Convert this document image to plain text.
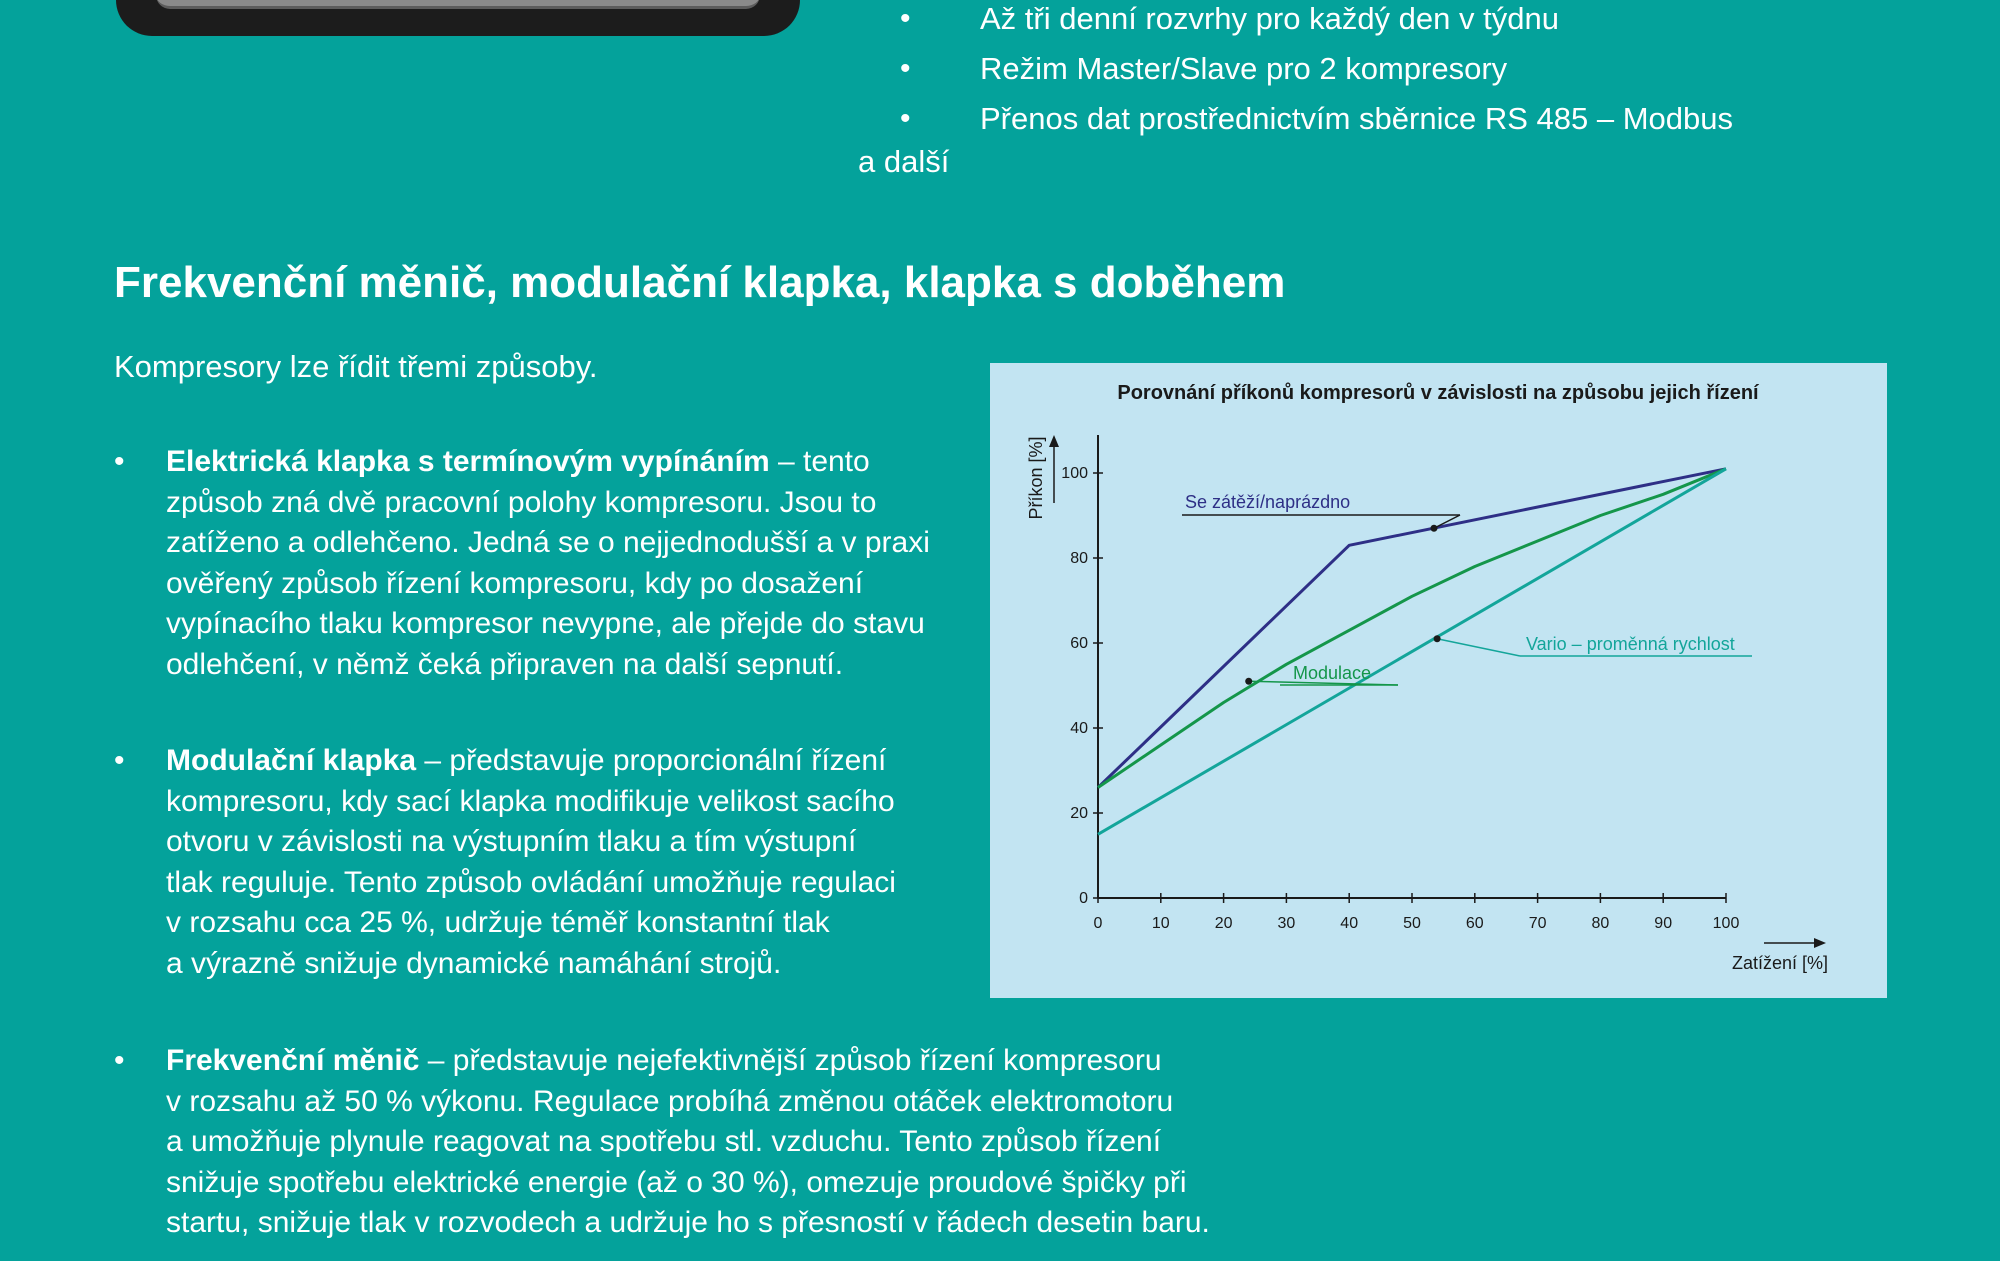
• Až tři denní rozvrhy pro každý den v týdnu
• Režim Master/Slave pro 2 kompresory
• Přenos dat prostřednictvím sběrnice RS 485 – Modbus
a další
Frekvenční měnič, modulační klapka, klapka s doběhem

Kompresory lze řídit třemi způsoby.

• Elektrická klapka s termínovým vypínáním – tento
způsob zná dvě pracovní polohy kompresoru. Jsou to
zatíženo a odlehčeno. Jedná se o nejjednodušší a v praxi
ověřený způsob řízení kompresoru, kdy po dosažení
vypínacího tlaku kompresor nevypne, ale přejde do stavu
odlehčení, v němž čeká připraven na další sepnutí.
• Modulační klapka – představuje proporcionální řízení
kompresoru, kdy sací klapka modifikuje velikost sacího
otvoru v závislosti na výstupním tlaku a tím výstupní
tlak reguluje. Tento způsob ovládání umožňuje regulaci
v rozsahu cca 25 %, udržuje téměř konstantní tlak
a výrazně snižuje dynamické namáhání strojů.
• Frekvenční měnič – představuje nejefektivnější způsob řízení kompresoru
v rozsahu až 50 % výkonu. Regulace probíhá změnou otáček elektromotoru
a umožňuje plynule reagovat na spotřebu stl. vzduchu. Tento způsob řízení
snižuje spotřebu elektrické energie (až o 30 %), omezuje proudové špičky při
startu, snižuje tlak v rozvodech a udržuje ho s přesností v řádech desetin baru.
Porovnání příkonů kompresorů v závislosti na způsobu jejich řízení
0	10	20	30	40	50	60	70	80	90	100
0
20
40
60
80
100
Zatížení [%]
Příkon [%]	Se zátěží/naprázdno
Modulace
Vario – proměnná rychlost
